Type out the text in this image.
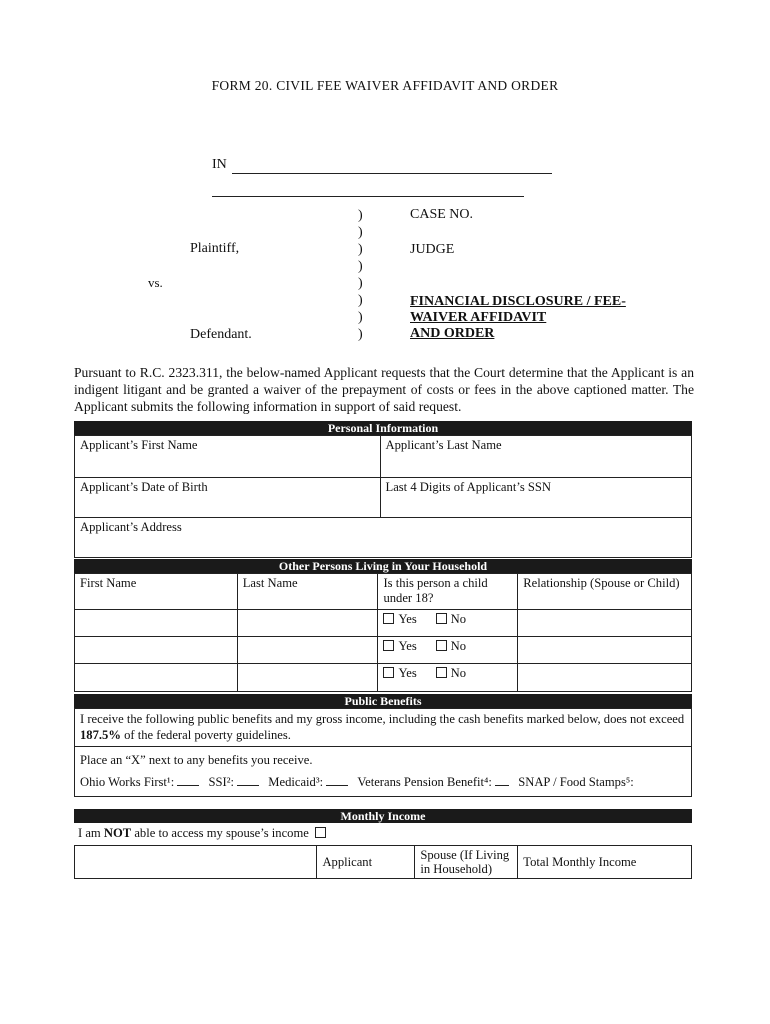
FORM 20. CIVIL FEE WAIVER AFFIDAVIT AND ORDER
IN
Plaintiff,
vs.
Defendant.
)
)
)
)
)
)
)
)
CASE NO.
JUDGE
FINANCIAL DISCLOSURE / FEE-
WAIVER AFFIDAVIT
AND ORDER
Pursuant to R.C. 2323.311, the below-named Applicant requests that the Court determine that the Applicant is an indigent litigant and be granted a waiver of the prepayment of costs or fees in the above captioned matter. The Applicant submits the following information in support of said request.
Personal Information
Applicant’s First Name	Applicant’s Last Name
Applicant’s Date of Birth	Last 4 Digits of Applicant’s SSN
Applicant’s Address	
Other Persons Living in Your Household
First Name	Last Name	Is this person a child under 18?	Relationship (Spouse or Child)
		Yes No	
		Yes No	
		Yes No	
Public Benefits
I receive the following public benefits and my gross income, including the cash benefits marked below, does not exceed 187.5% of the federal poverty guidelines.

Place an “X” next to any benefits you receive.
Ohio Works First¹:	SSI²:	Medicaid³:	Veterans Pension Benefit⁴: SNAP / Food Stamps⁵:
Monthly Income
I am NOT able to access my spouse’s income
	Applicant	Spouse (If Living in Household)	Total Monthly Income
